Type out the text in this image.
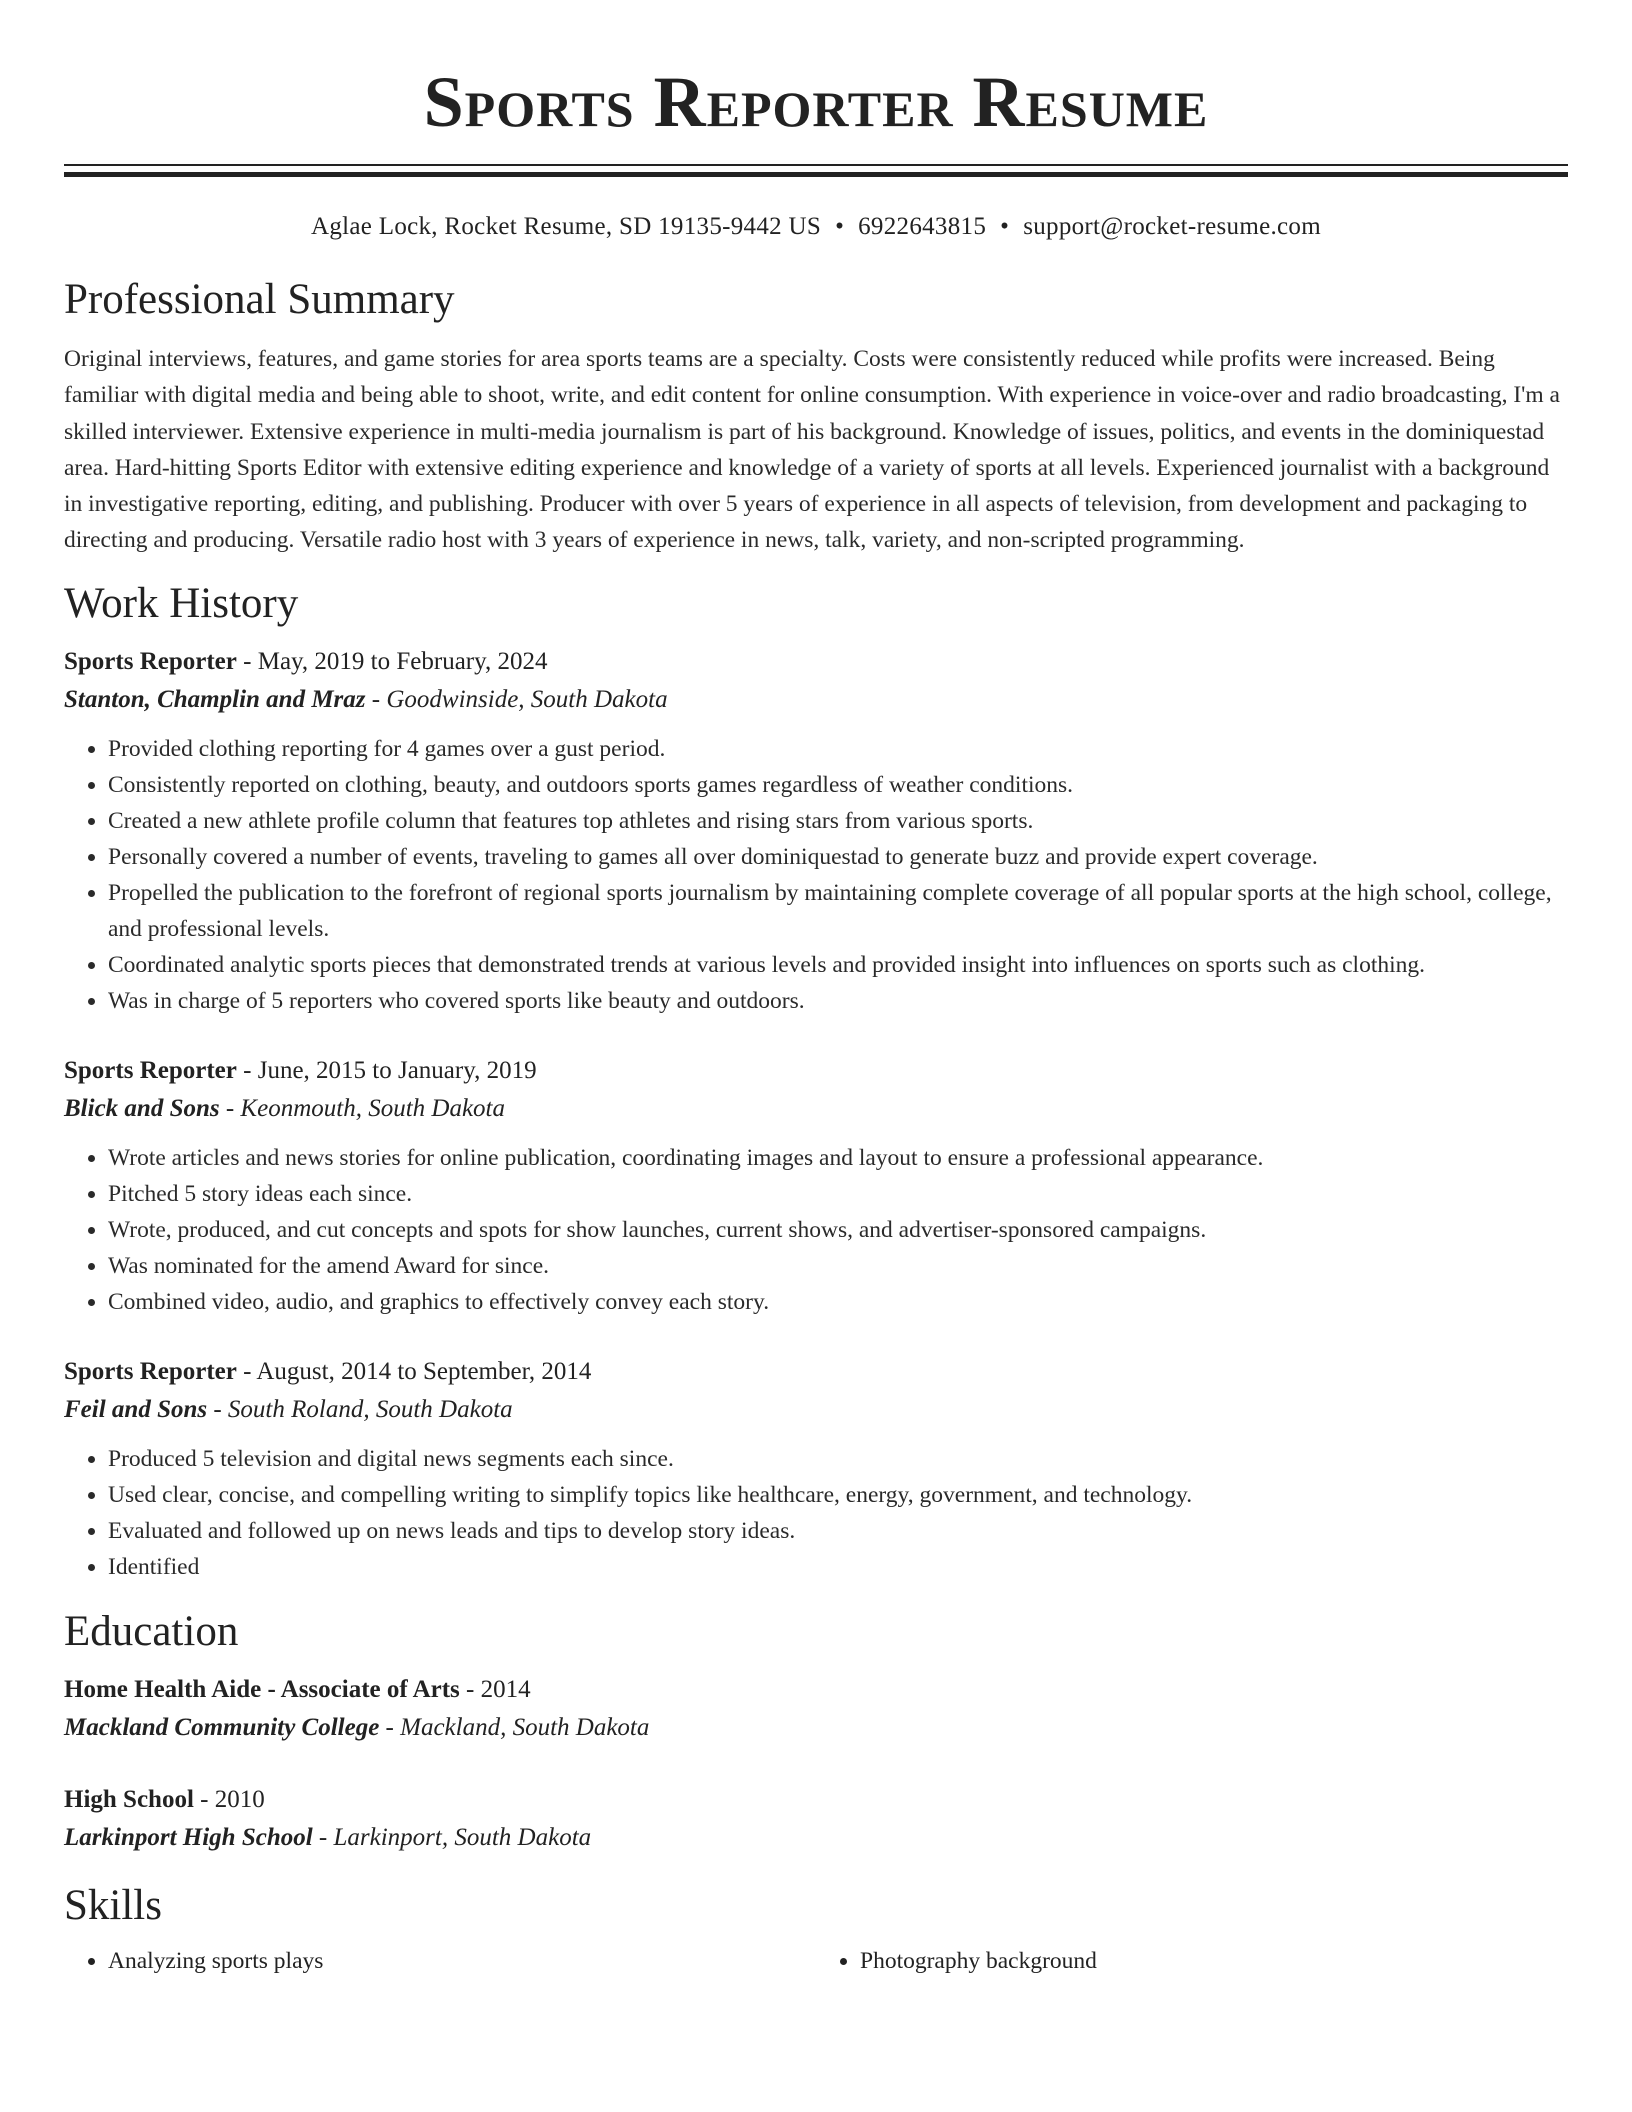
Sports Reporter Resume
Aglae Lock, Rocket Resume, SD 19135-9442 US • 6922643815 • support@rocket-resume.com
Professional Summary

Original interviews, features, and game stories for area sports teams are a specialty. Costs were consistently reduced while profits were increased. Being familiar with digital media and being able to shoot, write, and edit content for online consumption. With experience in voice-over and radio broadcasting, I'm a skilled interviewer. Extensive experience in multi-media journalism is part of his background. Knowledge of issues, politics, and events in the dominiquestad area. Hard-hitting Sports Editor with extensive editing experience and knowledge of a variety of sports at all levels. Experienced journalist with a background in investigative reporting, editing, and publishing. Producer with over 5 years of experience in all aspects of television, from development and packaging to directing and producing. Versatile radio host with 3 years of experience in news, talk, variety, and non-scripted programming.

Work History
Sports Reporter - May, 2019 to February, 2024
Stanton, Champlin and Mraz - Goodwinside, South Dakota
• Provided clothing reporting for 4 games over a gust period.
• Consistently reported on clothing, beauty, and outdoors sports games regardless of weather conditions.
• Created a new athlete profile column that features top athletes and rising stars from various sports.
• Personally covered a number of events, traveling to games all over dominiquestad to generate buzz and provide expert coverage.
• Propelled the publication to the forefront of regional sports journalism by maintaining complete coverage of all popular sports at the high school, college, and professional levels.
• Coordinated analytic sports pieces that demonstrated trends at various levels and provided insight into influences on sports such as clothing.
• Was in charge of 5 reporters who covered sports like beauty and outdoors.
Sports Reporter - June, 2015 to January, 2019
Blick and Sons - Keonmouth, South Dakota
• Wrote articles and news stories for online publication, coordinating images and layout to ensure a professional appearance.
• Pitched 5 story ideas each since.
• Wrote, produced, and cut concepts and spots for show launches, current shows, and advertiser-sponsored campaigns.
• Was nominated for the amend Award for since.
• Combined video, audio, and graphics to effectively convey each story.
Sports Reporter - August, 2014 to September, 2014
Feil and Sons - South Roland, South Dakota
• Produced 5 television and digital news segments each since.
• Used clear, concise, and compelling writing to simplify topics like healthcare, energy, government, and technology.
• Evaluated and followed up on news leads and tips to develop story ideas.
• Identified
Education
Home Health Aide - Associate of Arts - 2014
Mackland Community College - Mackland, South Dakota
High School - 2010
Larkinport High School - Larkinport, South Dakota
Skills
• Analyzing sports plays
•	Photography background
